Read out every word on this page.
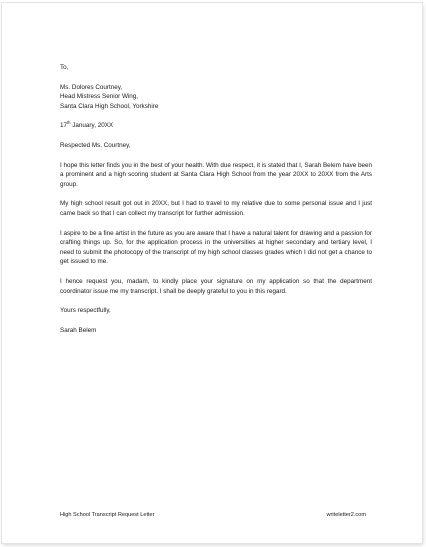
To,
Ms. Dolores Courtney,
Head Mistress Senior Wing,
Santa Clara High School, Yorkshire
17th January, 20XX
Respected Ms. Courtney,

I hope this letter finds you in the best of your health. With due respect, it is stated that I, Sarah Belem have been a prominent and a high scoring student at Santa Clara High School from the year 20XX to 20XX from the Arts group.

My high school result got out in 20XX, but I had to travel to my relative due to some personal issue and I just came back so that I can collect my transcript for further admission.

I aspire to be a fine artist in the future as you are aware that I have a natural talent for drawing and a passion for crafting things up. So, for the application process in the universities at higher secondary and tertiary level, I need to submit the photocopy of the transcript of my high school classes grades which I did not get a chance to get issued to me.

I hence request you, madam, to kindly place your signature on my application so that the department coordinator issue me my transcript. I shall be deeply grateful to you in this regard.

Yours respectfully,
Sarah Belem
High School Transcript Request Letter	writeletter2.com
